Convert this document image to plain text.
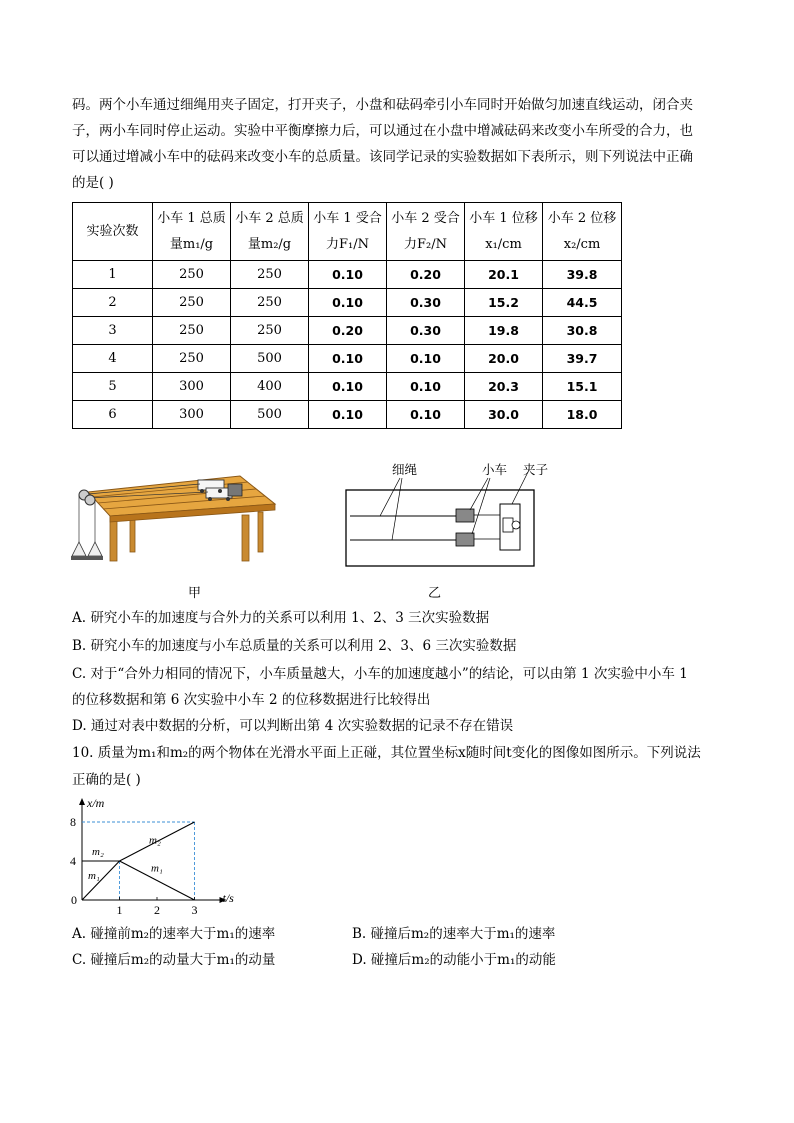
码。两个小车通过细绳用夹子固定，打开夹子，小盘和砝码牵引小车同时开始做匀加速直线运动，闭合夹

子，两小车同时停止运动。实验中平衡摩擦力后，可以通过在小盘中增减砝码来改变小车所受的合力，也

可以通过增减小车中的砝码来改变小车的总质量。该同学记录的实验数据如下表所示，则下列说法中正确

的是( )

实验次数	小车 1 总质
量m₁/g	小车 2 总质
量m₂/g	小车 1 受合
力F₁/N	小车 2 受合
力F₂/N	小车 1 位移
x₁/cm	小车 2 位移
x₂/cm
1	250	250	0.10	0.20	20.1	39.8
2	250	250	0.10	0.30	15.2	44.5
3	250	250	0.20	0.30	19.8	30.8
4	250	500	0.10	0.10	20.0	39.7
5	300	400	0.10	0.10	20.3	15.1
6	300	500	0.10	0.10	30.0	18.0
甲
细绳	小车 夹子
乙
A. 研究小车的加速度与合外力的关系可以利用 1、2、3 三次实验数据
B. 研究小车的加速度与小车总质量的关系可以利用 2、3、6 三次实验数据
C. 对于“合外力相同的情况下，小车质量越大，小车的加速度越小”的结论，可以由第 1 次实验中小车 1
的位移数据和第 6 次实验中小车 2 的位移数据进行比较得出
D. 通过对表中数据的分析，可以判断出第 4 次实验数据的记录不存在错误
10. 质量为m₁和m₂的两个物体在光滑水平面上正碰，其位置坐标x随时间t变化的图像如图所示。下列说法
正确的是( )
0
4
8
1	2	3
x/m
t/s
m₂
m₁
m₂
m₁
A. 碰撞前m₂的速率大于m₁的速率	B. 碰撞后m₂的速率大于m₁的速率
C. 碰撞后m₂的动量大于m₁的动量	D. 碰撞后m₂的动能小于m₁的动能
